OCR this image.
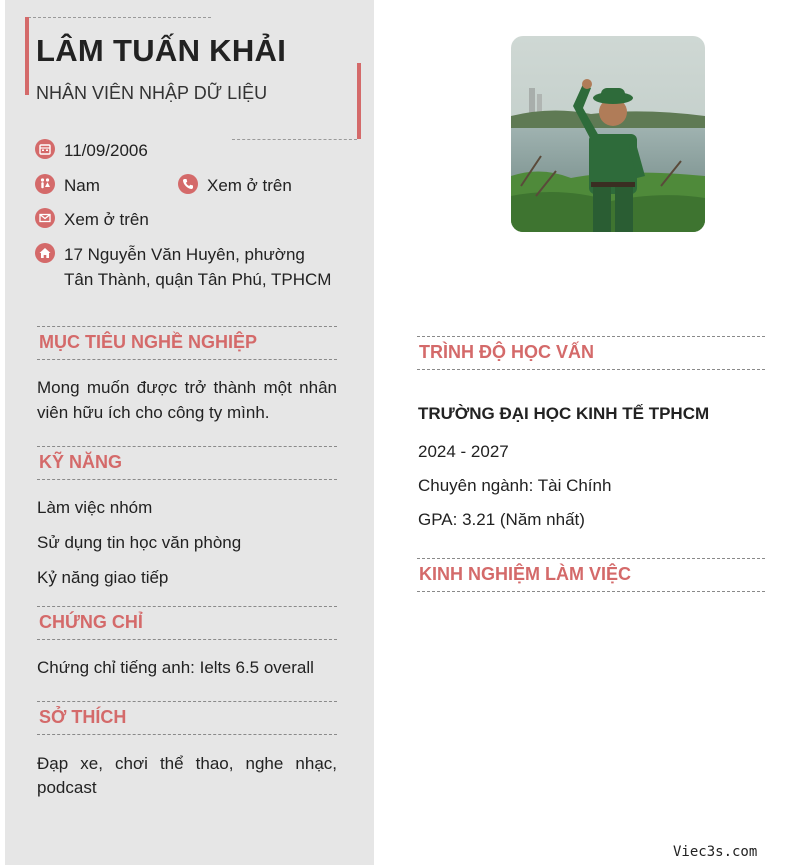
LÂM TUẤN KHẢI

NHÂN VIÊN NHẬP DỮ LIỆU

11/09/2006
Nam	Xem ở trên
Xem ở trên
17 Nguyễn Văn Huyên, phường
Tân Thành, quận Tân Phú, TPHCM
MỤC TIÊU NGHỀ NGHIỆP

Mong muốn được trở thành một nhân

viên hữu ích cho công ty mình.

KỸ NĂNG

Làm việc nhóm

Sử dụng tin học văn phòng

Kỷ năng giao tiếp

CHỨNG CHỈ

Chứng chỉ tiếng anh: Ielts 6.5 overall

SỞ THÍCH

Đạp xe, chơi thể thao, nghe nhạc,

podcast

TRÌNH ĐỘ HỌC VẤN

TRƯỜNG ĐẠI HỌC KINH TẾ TPHCM

2024 - 2027

Chuyên ngành: Tài Chính

GPA: 3.21 (Năm nhất)

KINH NGHIỆM LÀM VIỆC
Viec3s.com
